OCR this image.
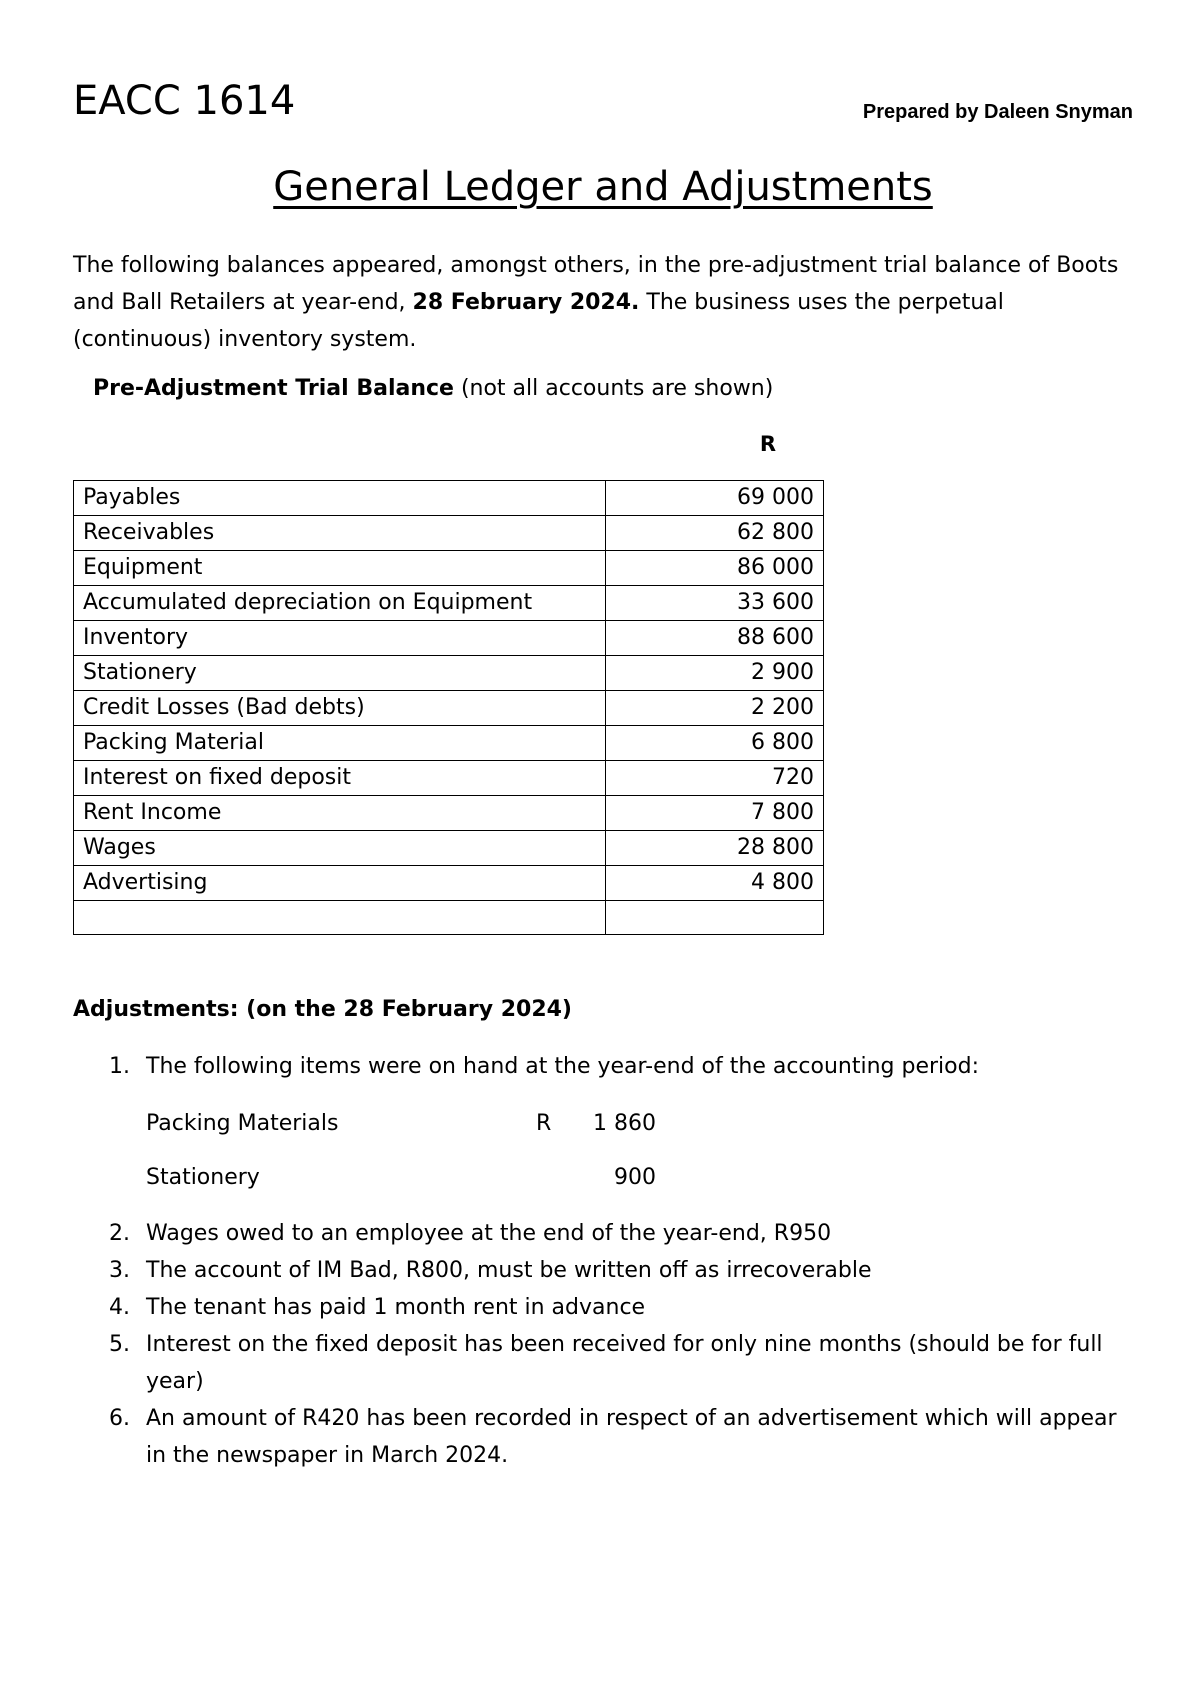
EACC 1614	Prepared by Daleen Snyman
General Ledger and Adjustments
The following balances appeared, amongst others, in the pre-adjustment trial balance of Boots and Ball Retailers at year-end, 28 February 2024. The business uses the perpetual (continuous) inventory system.
Pre-Adjustment Trial Balance (not all accounts are shown)
R
Payables	69 000
Receivables	62 800
Equipment	86 000
Accumulated depreciation on Equipment	33 600
Inventory	88 600
Stationery	2 900
Credit Losses (Bad debts)	2 200
Packing Material	6 800
Interest on fixed deposit	720
Rent Income	7 800
Wages	28 800
Advertising	4 800

Adjustments: (on the 28 February 2024)
1. The following items were on hand at the year-end of the accounting period:
Packing Materials	R	1 860
Stationery	900
2. Wages owed to an employee at the end of the year-end, R950
3. The account of IM Bad, R800, must be written off as irrecoverable
4. The tenant has paid 1 month rent in advance
5. Interest on the fixed deposit has been received for only nine months (should be for full year)
6. An amount of R420 has been recorded in respect of an advertisement which will appear in the newspaper in March 2024.
